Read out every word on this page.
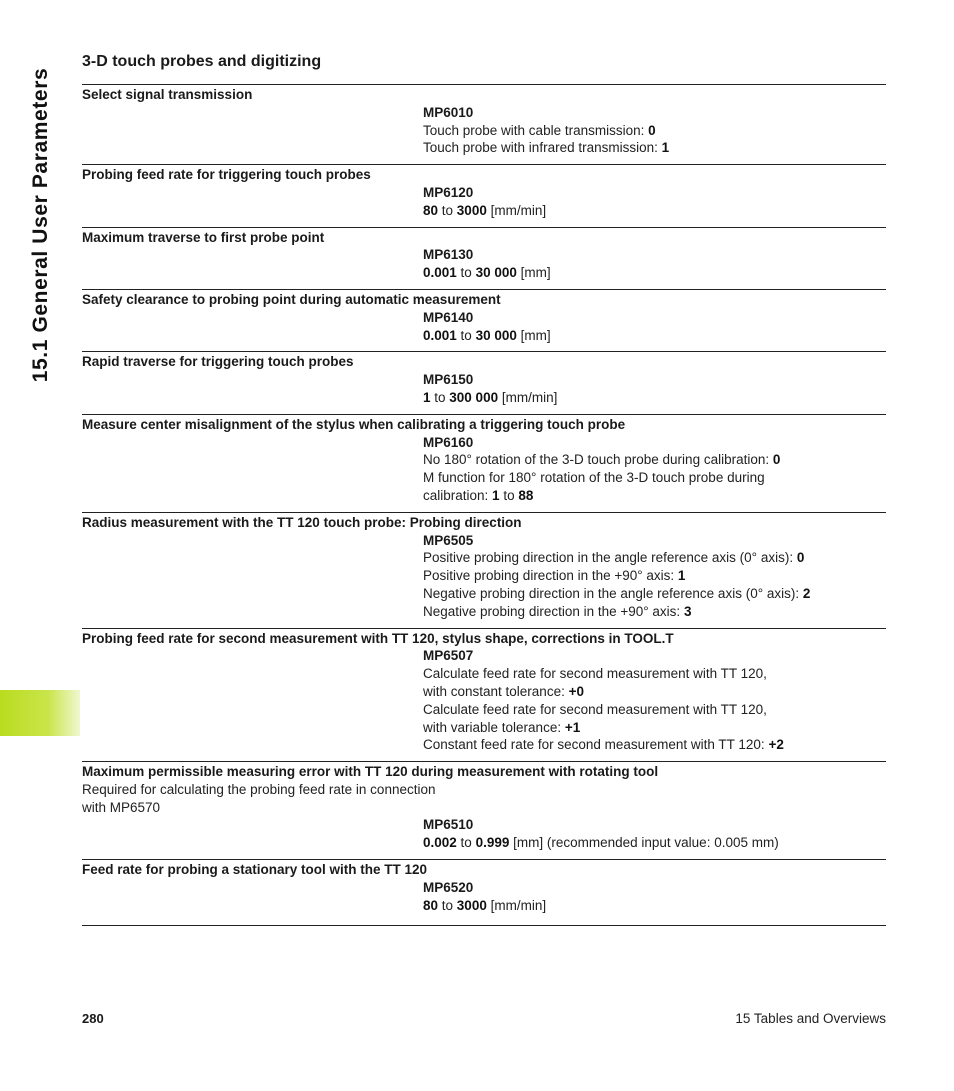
15.1 General User Parameters
3-D touch probes and digitizing
Select signal transmission
MP6010
Touch probe with cable transmission: 0
Touch probe with infrared transmission: 1
Probing feed rate for triggering touch probes
MP6120
80 to 3000 [mm/min]
Maximum traverse to first probe point
MP6130
0.001 to 30 000 [mm]
Safety clearance to probing point during automatic measurement
MP6140
0.001 to 30 000 [mm]
Rapid traverse for triggering touch probes
MP6150
1 to 300 000 [mm/min]
Measure center misalignment of the stylus when calibrating a triggering touch probe
MP6160
No 180° rotation of the 3-D touch probe during calibration: 0
M function for 180° rotation of the 3-D touch probe during
calibration: 1 to 88
Radius measurement with the TT 120 touch probe: Probing direction
MP6505
Positive probing direction in the angle reference axis (0° axis): 0
Positive probing direction in the +90° axis: 1
Negative probing direction in the angle reference axis (0° axis): 2
Negative probing direction in the +90° axis: 3
Probing feed rate for second measurement with TT 120, stylus shape, corrections in TOOL.T
MP6507
Calculate feed rate for second measurement with TT 120,
with constant tolerance: +0
Calculate feed rate for second measurement with TT 120,
with variable tolerance: +1
Constant feed rate for second measurement with TT 120: +2
Maximum permissible measuring error with TT 120 during measurement with rotating tool
Required for calculating the probing feed rate in connection with MP6570
MP6510
0.002 to 0.999 [mm] (recommended input value: 0.005 mm)
Feed rate for probing a stationary tool with the TT 120
MP6520
80 to 3000 [mm/min]
280	15 Tables and Overviews
